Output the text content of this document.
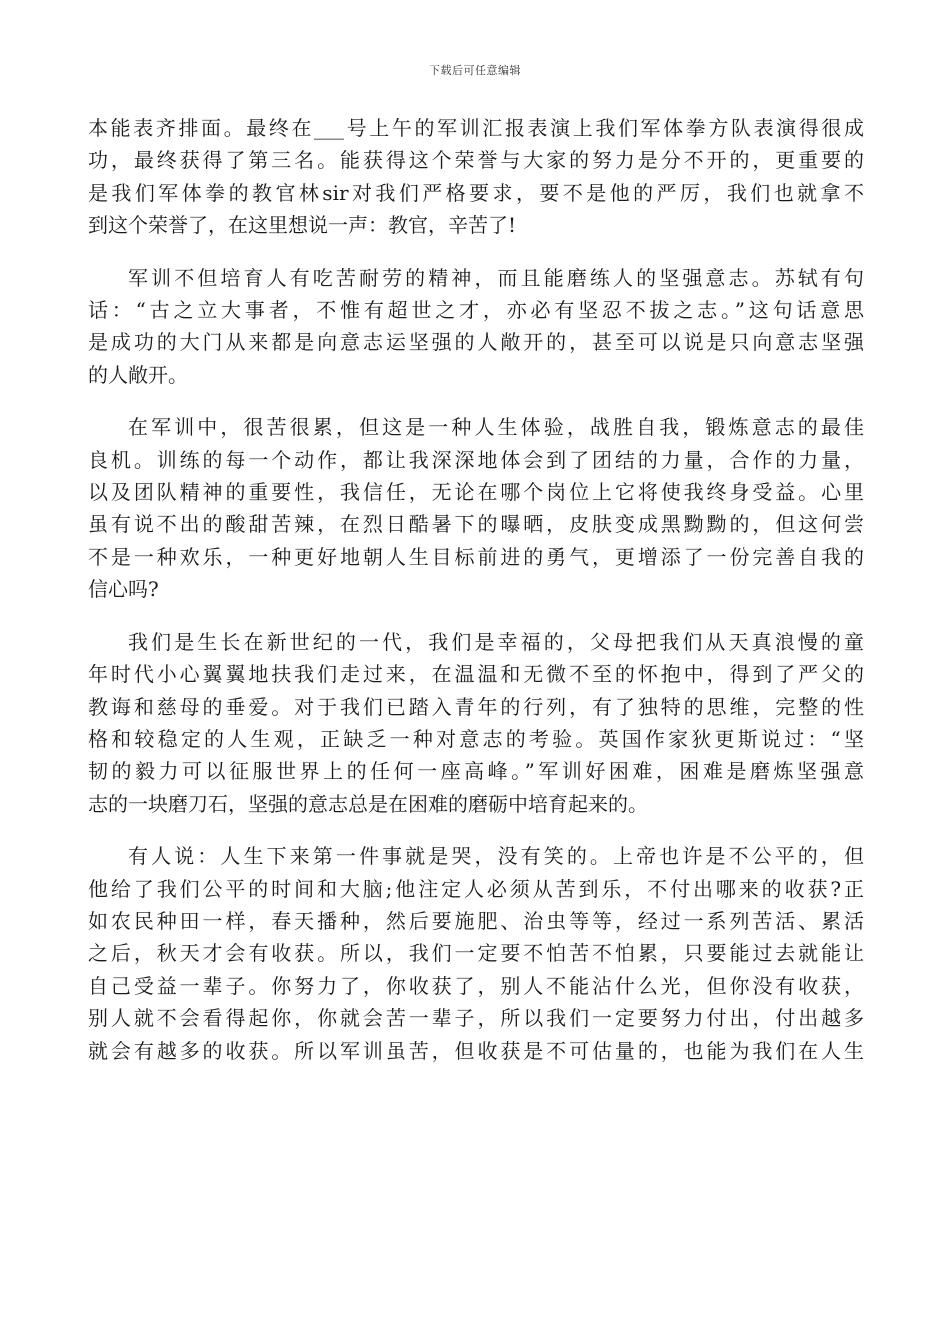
下载后可任意编辑
本能表齐排面。最终在___号上午的军训汇报表演上我们军体拳方队表演得很成
功，最终获得了第三名。能获得这个荣誉与大家的努力是分不开的，更重要的
是我们军体拳的教官林sir对我们严格要求，要不是他的严厉，我们也就拿不
到这个荣誉了，在这里想说一声：教官，辛苦了!
军训不但培育人有吃苦耐劳的精神，而且能磨练人的坚强意志。苏轼有句
话：“古之立大事者，不惟有超世之才，亦必有坚忍不拔之志。”这句话意思
是成功的大门从来都是向意志运坚强的人敞开的，甚至可以说是只向意志坚强
的人敞开。
在军训中，很苦很累，但这是一种人生体验，战胜自我，锻炼意志的最佳
良机。训练的每一个动作，都让我深深地体会到了团结的力量，合作的力量，
以及团队精神的重要性，我信任，无论在哪个岗位上它将使我终身受益。心里
虽有说不出的酸甜苦辣，在烈日酷暑下的曝晒，皮肤变成黑黝黝的，但这何尝
不是一种欢乐，一种更好地朝人生目标前进的勇气，更增添了一份完善自我的
信心吗?
我们是生长在新世纪的一代，我们是幸福的，父母把我们从天真浪慢的童
年时代小心翼翼地扶我们走过来，在温温和无微不至的怀抱中，得到了严父的
教诲和慈母的垂爱。对于我们已踏入青年的行列，有了独特的思维，完整的性
格和较稳定的人生观，正缺乏一种对意志的考验。英国作家狄更斯说过：“坚
韧的毅力可以征服世界上的任何一座高峰。”军训好困难，困难是磨炼坚强意
志的一块磨刀石，坚强的意志总是在困难的磨砺中培育起来的。
有人说：人生下来第一件事就是哭，没有笑的。上帝也许是不公平的，但
他给了我们公平的时间和大脑;他注定人必须从苦到乐，不付出哪来的收获?正
如农民种田一样，春天播种，然后要施肥、治虫等等，经过一系列苦活、累活
之后，秋天才会有收获。所以，我们一定要不怕苦不怕累，只要能过去就能让
自己受益一辈子。你努力了，你收获了，别人不能沾什么光，但你没有收获，
别人就不会看得起你，你就会苦一辈子，所以我们一定要努力付出，付出越多
就会有越多的收获。所以军训虽苦，但收获是不可估量的，也能为我们在人生
